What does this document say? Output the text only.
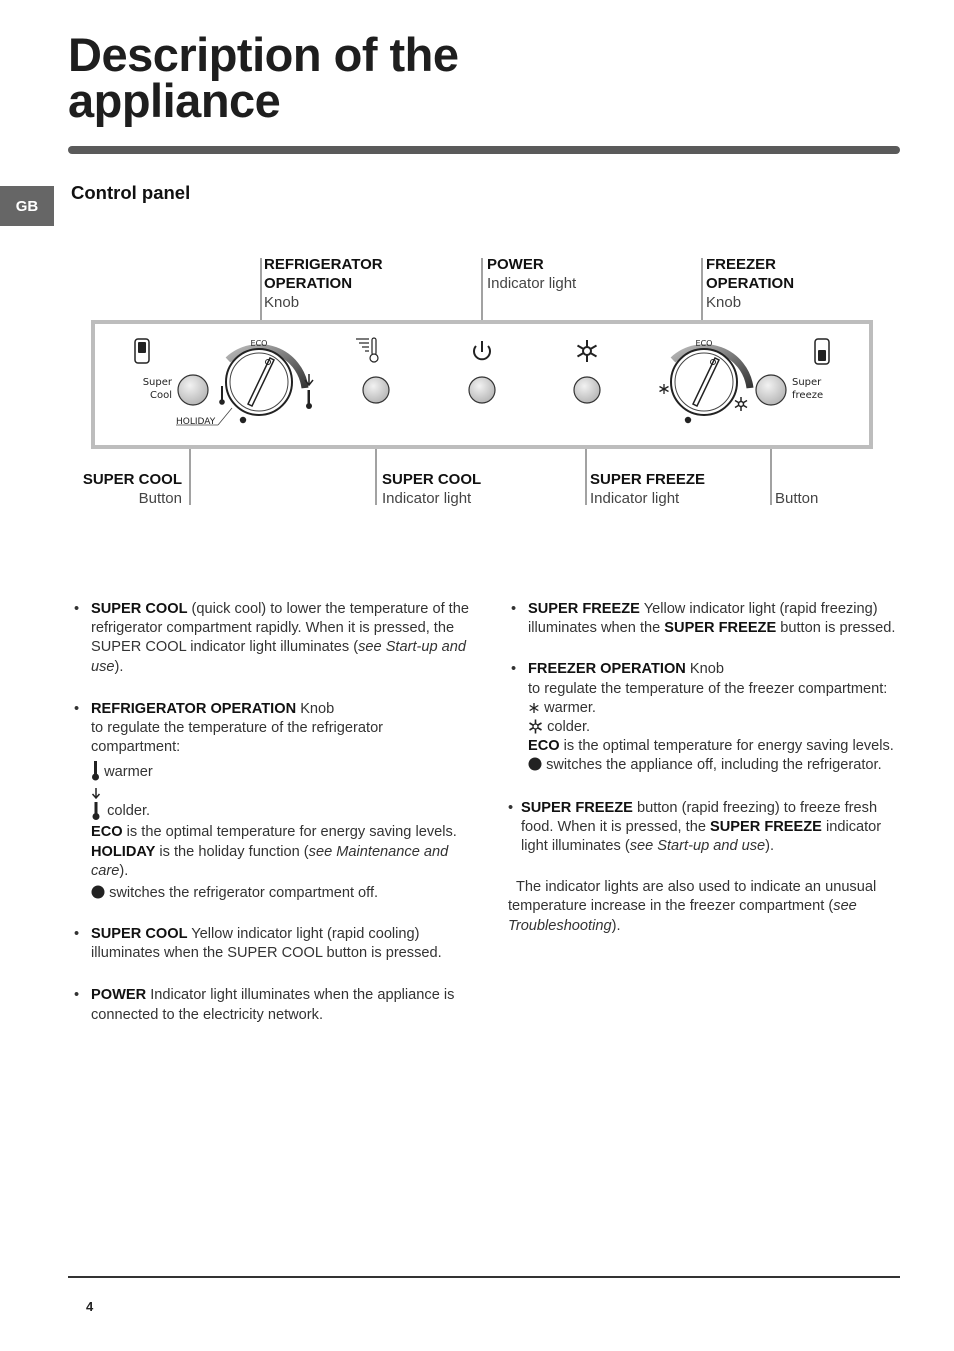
Description of the
appliance
GB
Control panel
REFRIGERATOR
OPERATION
Knob
POWER
Indicator light
FREEZER
OPERATION
Knob
SUPER COOL
Button
SUPER COOL
Indicator light
SUPER FREEZE
Indicator light	Button
Super
Cool
ECO
HOLIDAY
ECO
Super
freeze

• SUPER COOL (quick cool) to lower the temperature of the refrigerator compartment rapidly. When it is pressed, the SUPER COOL indicator light illuminates (see Start-up and use).

• REFRIGERATOR OPERATION Knob
to regulate the temperature of the refrigerator compartment:

warmer
colder.
ECO is the optimal temperature for energy saving levels.
HOLIDAY is the holiday function (see Maintenance and care).
switches the refrigerator compartment off.

• SUPER COOL Yellow indicator light (rapid cooling) illuminates when the SUPER COOL button is pressed.

• POWER Indicator light illuminates when the appliance is connected to the electricity network.

• SUPER FREEZE Yellow indicator light (rapid freezing) illuminates when the SUPER FREEZE button is pressed.

• FREEZER OPERATION Knob
to regulate the temperature of the freezer compartment:

warmer.
colder.
ECO is the optimal temperature for energy saving levels.
switches the appliance off, including the refrigerator.

• SUPER FREEZE button (rapid freezing) to freeze fresh food. When it is pressed, the SUPER FREEZE indicator light illuminates (see Start-up and use).

The indicator lights are also used to indicate an unusual temperature increase in the freezer compartment (see Troubleshooting).

4
